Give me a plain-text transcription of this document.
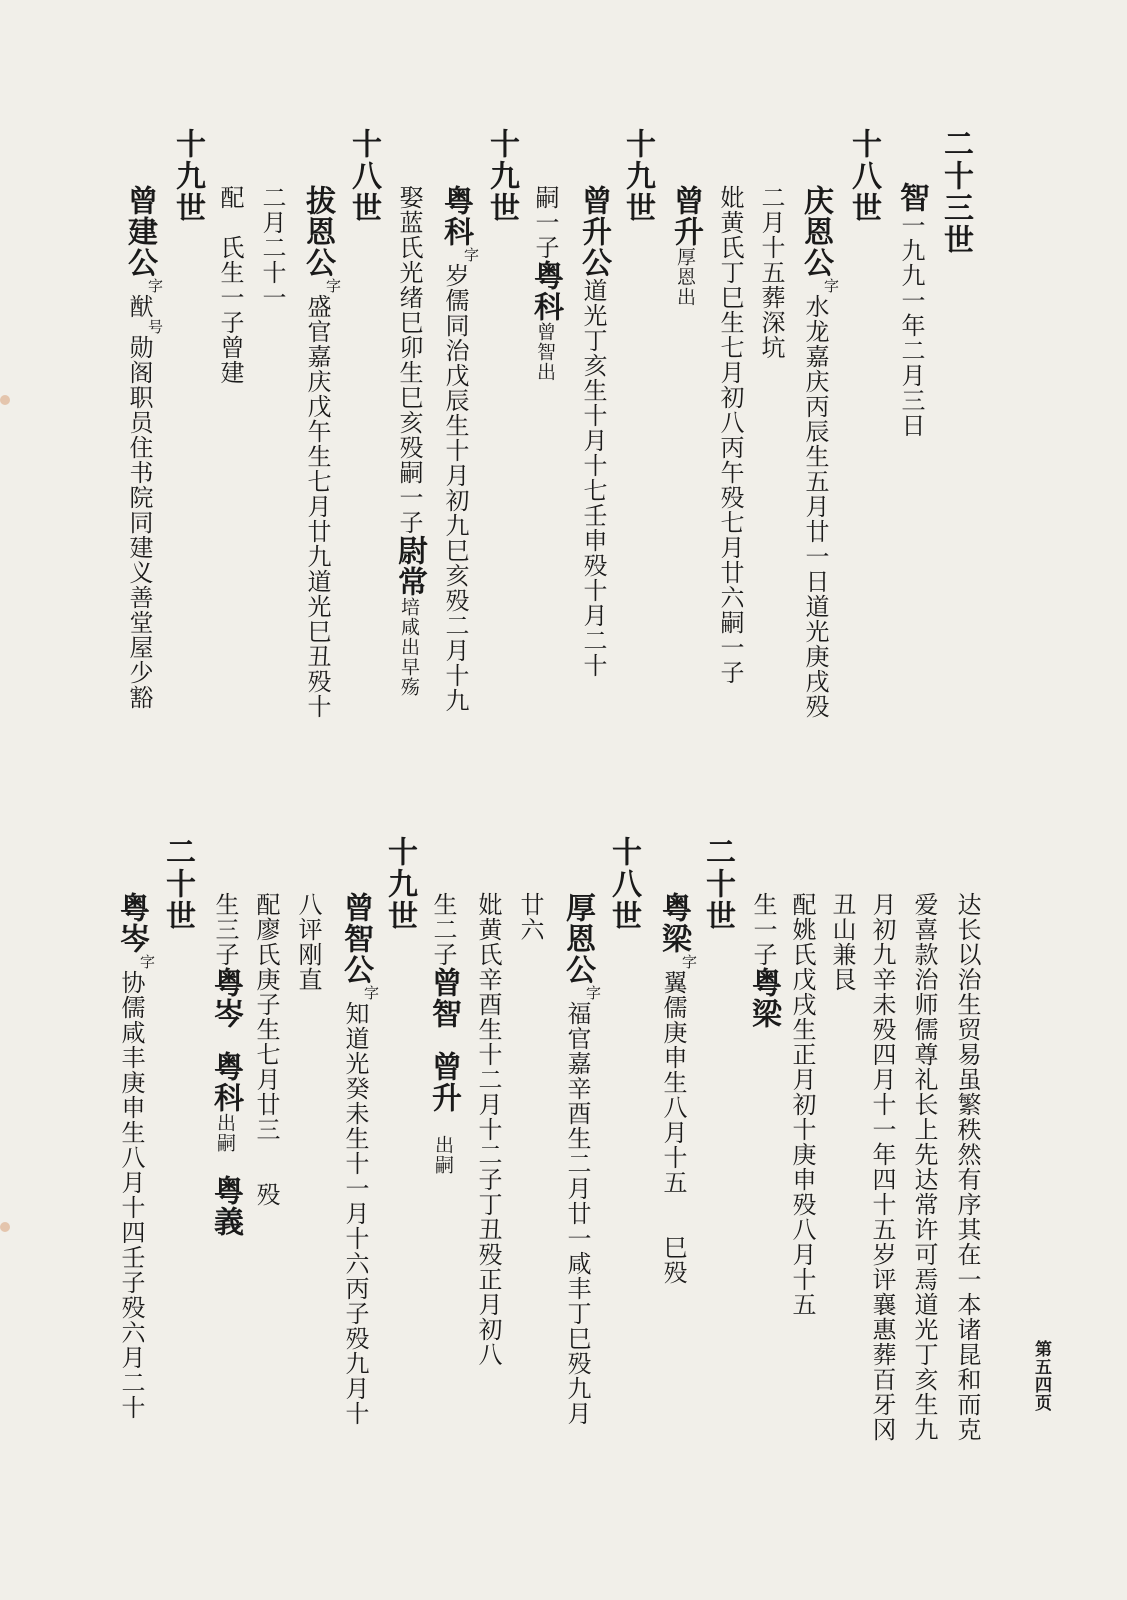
二十三世
智一九九一年二月三日
十八世
庆恩公字水龙嘉庆丙辰生五月廿一日道光庚戌殁
二月十五葬深坑
妣黄氏丁巳生七月初八丙午殁七月廿六嗣一子
曾升厚恩出
十九世
曾升公道光丁亥生十月十七壬申殁十月二十
嗣一子粤科曾智出
十九世
粤科字岁儒同治戊辰生十月初九巳亥殁二月十九
娶蓝氏光绪巳卯生巳亥殁嗣一子尉常培咸出早殇
十八世
拔恩公字盛官嘉庆戊午生七月廿九道光巳丑殁十
二月二十一
配　氏生一子曾建
十九世
曾建公字猷号勋阁职员住书院同建义善堂屋少豁
达长以治生贸易虽繁秩然有序其在一本诸昆和而克
爱喜款治师儒尊礼长上先达常许可焉道光丁亥生九
月初九辛未殁四月十一年四十五岁评襄惠葬百牙冈
丑山兼艮
配姚氏戊戌生正月初十庚申殁八月十五
生一子粤梁
二十世
粤梁字翼儒庚申生八月十五巳殁
十八世
厚恩公字福官嘉辛酉生二月廿一咸丰丁巳殁九月
廿六
妣黄氏辛酉生十二月十二子丁丑殁正月初八
生二子曾智曾升出嗣
十九世
曾智公字知道光癸未生十一月十六丙子殁九月十
八评刚直
配廖氏庚子生七月廿三殁
生三子粤岑粤科出嗣粤義
二十世
粤岑字协儒咸丰庚申生八月十四壬子殁六月二十	第五四页
